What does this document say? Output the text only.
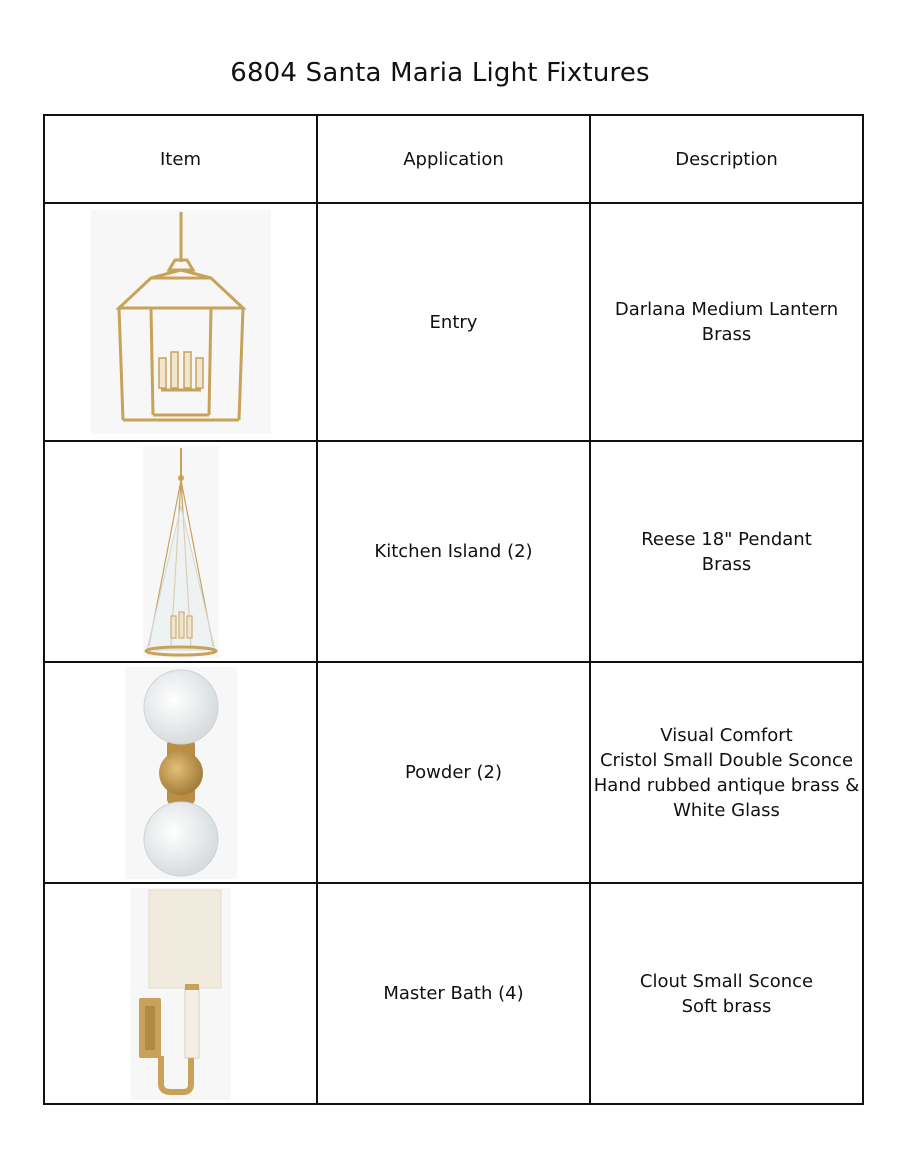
6804 Santa Maria Light Fixtures
Item	Application	Description

	Entry	Darlana Medium Lantern
Brass

	Kitchen Island (2)	Reese 18" Pendant
Brass

	Powder (2)	Visual Comfort
Cristol Small Double Sconce
Hand rubbed antique brass &
White Glass

	Master Bath (4)	Clout Small Sconce
Soft brass
